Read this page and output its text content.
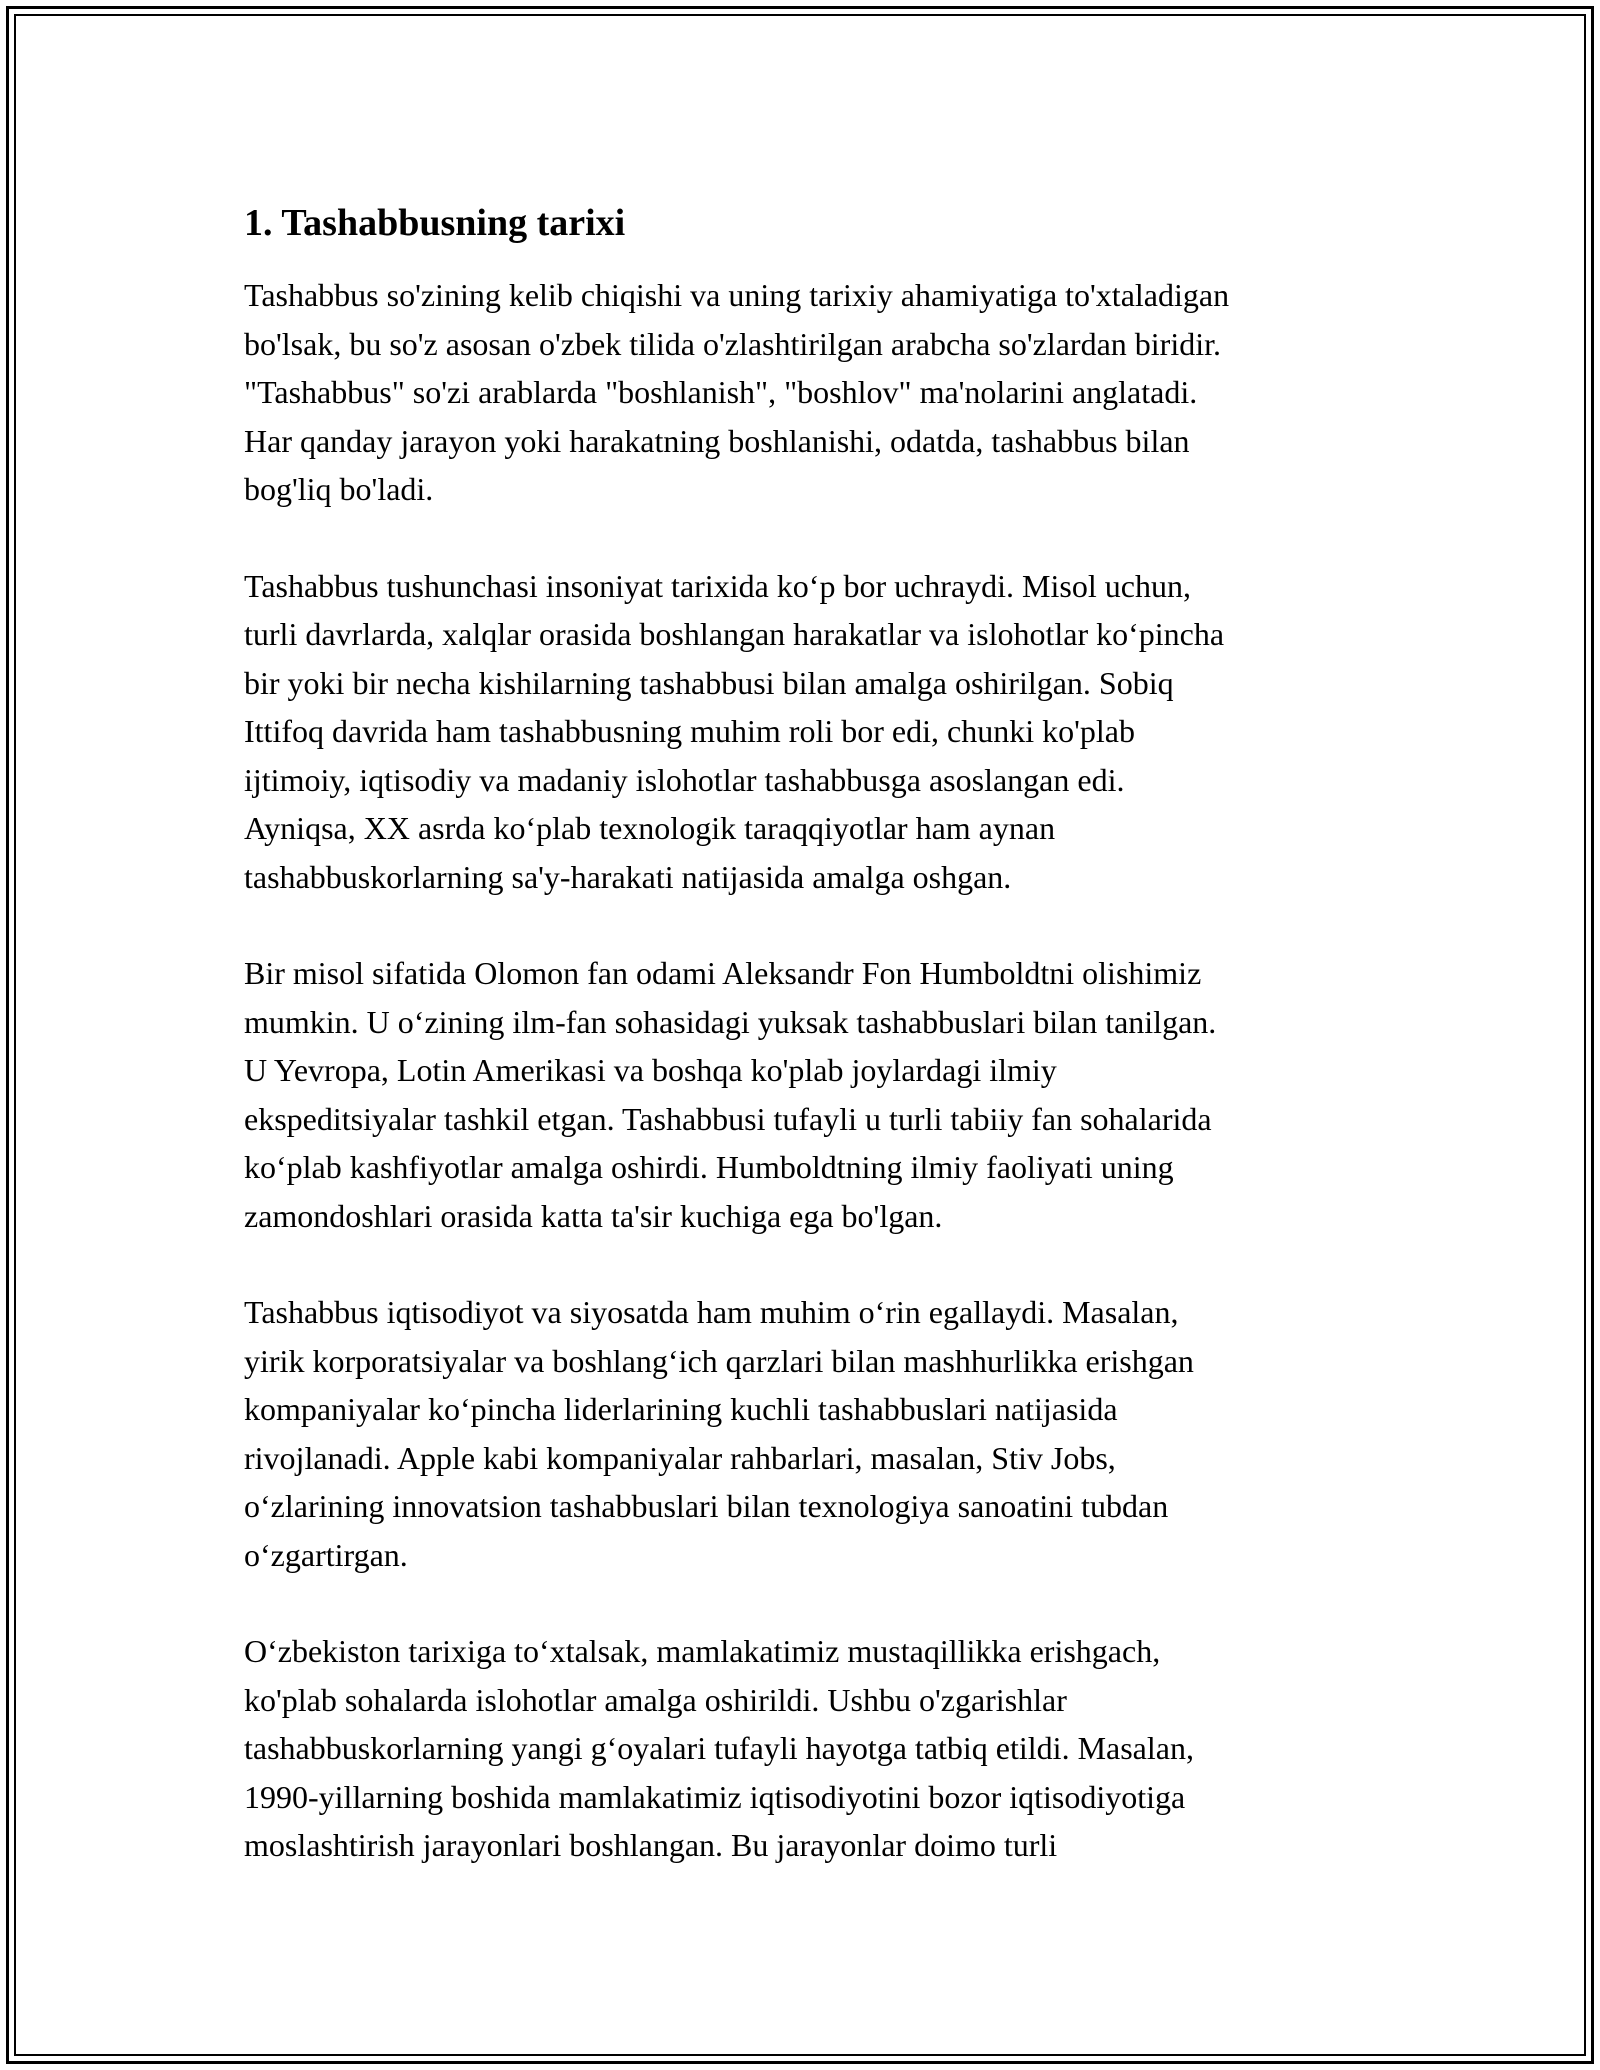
1. Tashabbusning tarixi

Tashabbus so'zining kelib chiqishi va uning tarixiy ahamiyatiga to'xtaladigan
bo'lsak, bu so'z asosan o'zbek tilida o'zlashtirilgan arabcha so'zlardan biridir.
"Tashabbus" so'zi arablarda "boshlanish", "boshlov" ma'nolarini anglatadi.
Har qanday jarayon yoki harakatning boshlanishi, odatda, tashabbus bilan
bog'liq bo'ladi.

Tashabbus tushunchasi insoniyat tarixida koʻp bor uchraydi. Misol uchun,
turli davrlarda, xalqlar orasida boshlangan harakatlar va islohotlar koʻpincha
bir yoki bir necha kishilarning tashabbusi bilan amalga oshirilgan. Sobiq
Ittifoq davrida ham tashabbusning muhim roli bor edi, chunki ko'plab
ijtimoiy, iqtisodiy va madaniy islohotlar tashabbusga asoslangan edi.
Ayniqsa, XX asrda koʻplab texnologik taraqqiyotlar ham aynan
tashabbuskorlarning sa'y-harakati natijasida amalga oshgan.

Bir misol sifatida Olomon fan odami Aleksandr Fon Humboldtni olishimiz
mumkin. U oʻzining ilm-fan sohasidagi yuksak tashabbuslari bilan tanilgan.
U Yevropa, Lotin Amerikasi va boshqa ko'plab joylardagi ilmiy
ekspeditsiyalar tashkil etgan. Tashabbusi tufayli u turli tabiiy fan sohalarida
koʻplab kashfiyotlar amalga oshirdi. Humboldtning ilmiy faoliyati uning
zamondoshlari orasida katta ta'sir kuchiga ega bo'lgan.

Tashabbus iqtisodiyot va siyosatda ham muhim oʻrin egallaydi. Masalan,
yirik korporatsiyalar va boshlangʻich qarzlari bilan mashhurlikka erishgan
kompaniyalar koʻpincha liderlarining kuchli tashabbuslari natijasida
rivojlanadi. Apple kabi kompaniyalar rahbarlari, masalan, Stiv Jobs,
oʻzlarining innovatsion tashabbuslari bilan texnologiya sanoatini tubdan
oʻzgartirgan.

Oʻzbekiston tarixiga toʻxtalsak, mamlakatimiz mustaqillikka erishgach,
ko'plab sohalarda islohotlar amalga oshirildi. Ushbu o'zgarishlar
tashabbuskorlarning yangi gʻoyalari tufayli hayotga tatbiq etildi. Masalan,
1990-yillarning boshida mamlakatimiz iqtisodiyotini bozor iqtisodiyotiga
moslashtirish jarayonlari boshlangan. Bu jarayonlar doimo turli
